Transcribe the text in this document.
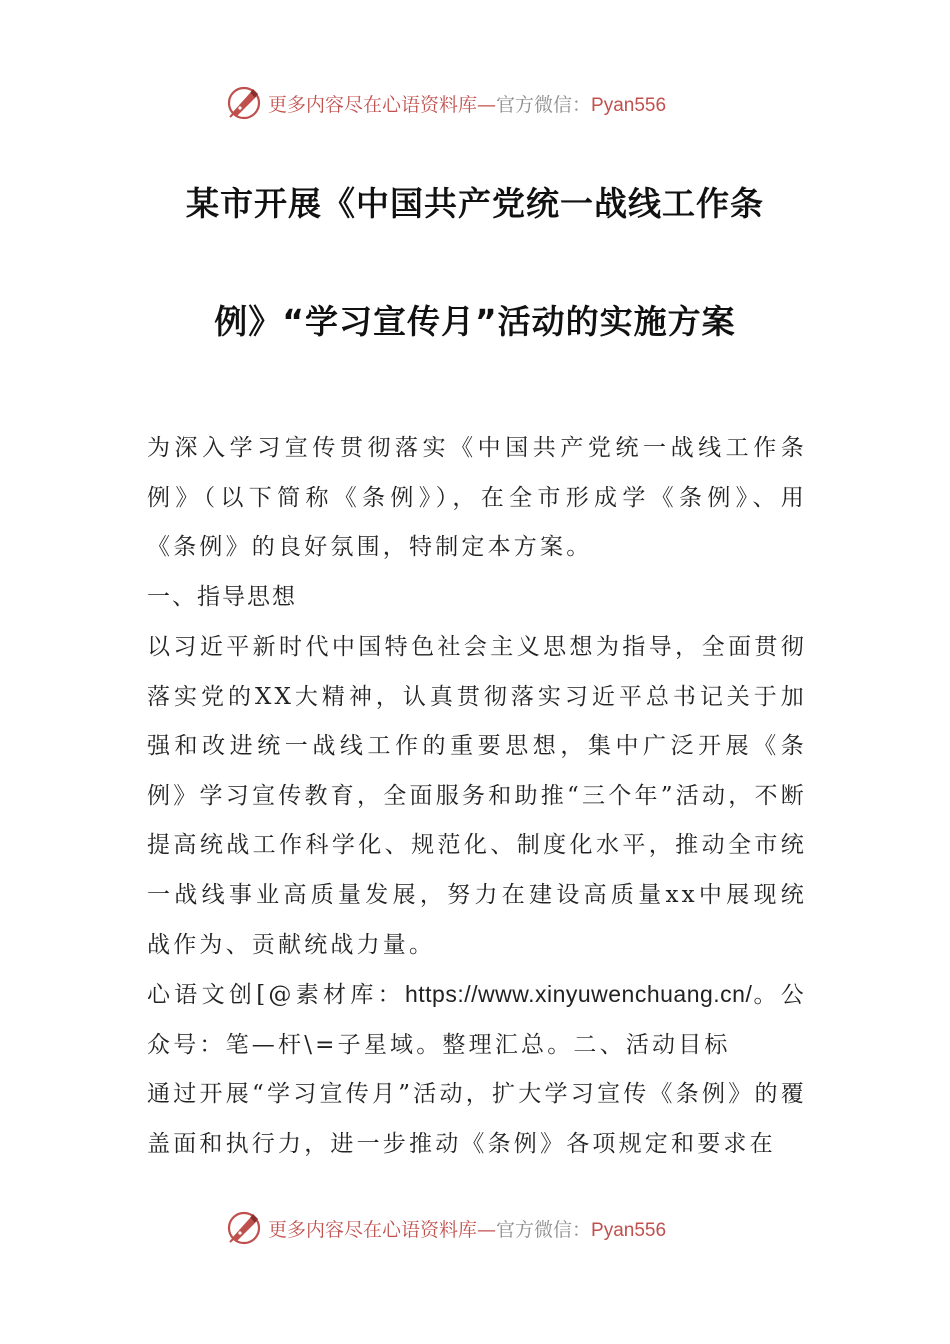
更多内容尽在心语资料库—官方微信：Pyan556
某市开展《中国共产党统一战线工作条
例》“学习宣传月”活动的实施方案

为深入学习宣传贯彻落实《中国共产党统一战线工作条例》（以下简称《条例》），在全市形成学《条例》、用《条例》的良好氛围，特制定本方案。

一、指导思想

以习近平新时代中国特色社会主义思想为指导，全面贯彻落实党的XX大精神，认真贯彻落实习近平总书记关于加强和改进统一战线工作的重要思想，集中广泛开展《条例》学习宣传教育，全面服务和助推“三个年”活动，不断提高统战工作科学化、规范化、制度化水平，推动全市统一战线事业高质量发展，努力在建设高质量xx中展现统战作为、贡献统战力量。

心语文创[@素材库：https://www.xinyuwenchuang.cn/。公众号：笔—杆\=子星域。整理汇总。二、活动目标

通过开展“学习宣传月”活动，扩大学习宣传《条例》的覆盖面和执行力，进一步推动《条例》各项规定和要求在

更多内容尽在心语资料库—官方微信：Pyan556
